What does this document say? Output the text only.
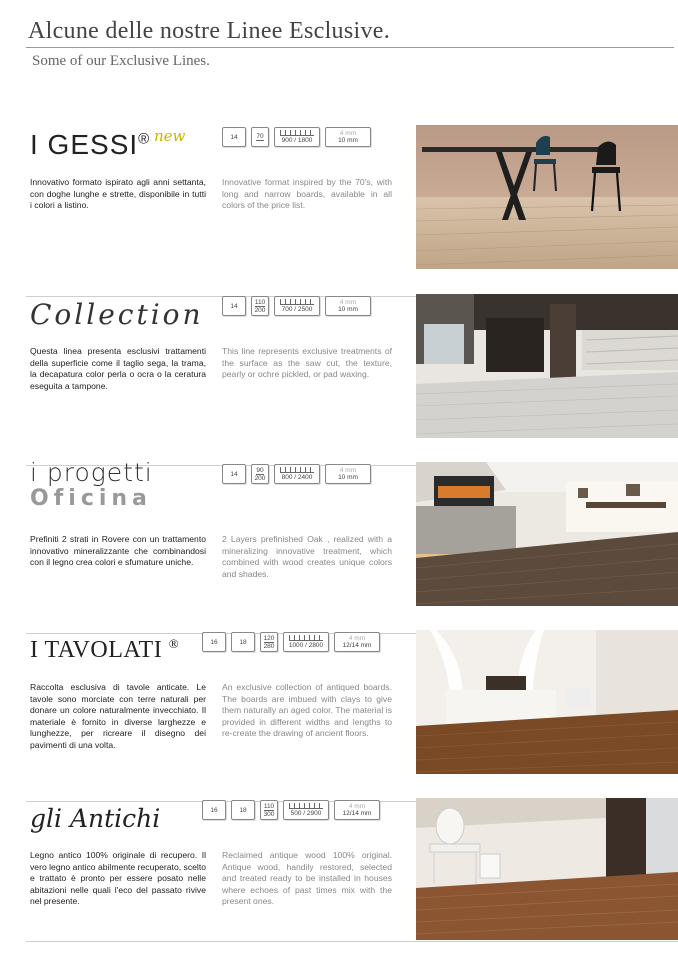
Alcune delle nostre Linee Esclusive.
Some of our Exclusive Lines.
I GESSI® new	14	70
900 / 1800
4 mm
10 mm
Innovativo formato ispirato agli anni settanta, con doghe lunghe e strette, disponibile in tutti i colori a listino.
Innovative format inspired by the 70's, with long and narrow boards, available in all colors of the price list.
Collection	14
110
200 700 / 2500
4 mm
10 mm
Questa linea presenta esclusivi trattamenti della superficie come il taglio sega, la trama, la decapatura color perla o ocra o la ceratura eseguita a tampone.
This line represents exclusive treatments of the surface as the saw cut, the texture, pearly or ochre pickled, or pad waxing.
i progetti
Oficina
14
90
200 800 / 2400
4 mm
10 mm
Prefiniti 2 strati in Rovere con un trattamento innovativo mineralizzante che combinandosi con il legno crea colori e sfumature uniche.
2 Layers prefinished Oak , realized with a mineralizing innovative treatment, which combined with wood creates unique colors and shades.
I TAVOLATI ®	16	18
120
280 1000 / 2800
4 mm
12/14 mm
Raccolta esclusiva di tavole anticate. Le tavole sono morciate con terre naturali per donare un colore naturalmente invecchiato. Il materiale è fornito in diverse larghezze e lunghezze, per ricreare il disegno dei pavimenti di una volta.
An exclusive collection of antiqued boards. The boards are imbued with clays to give them naturally an aged color. The material is provided in different widths and lengths to re-create the drawing of ancient floors.
gli Antichi	16	18
110
300 500 / 2900
4 mm
12/14 mm
Legno antico 100% originale di recupero. Il vero legno antico abilmente recuperato, scelto e trattato è pronto per essere posato nelle abitazioni nelle quali l'eco del passato rivive nel presente.
Reclaimed antique wood 100% original. Antique wood, handily restored, selected and treated ready to be installed in houses where echoes of past times mix with the present ones.
